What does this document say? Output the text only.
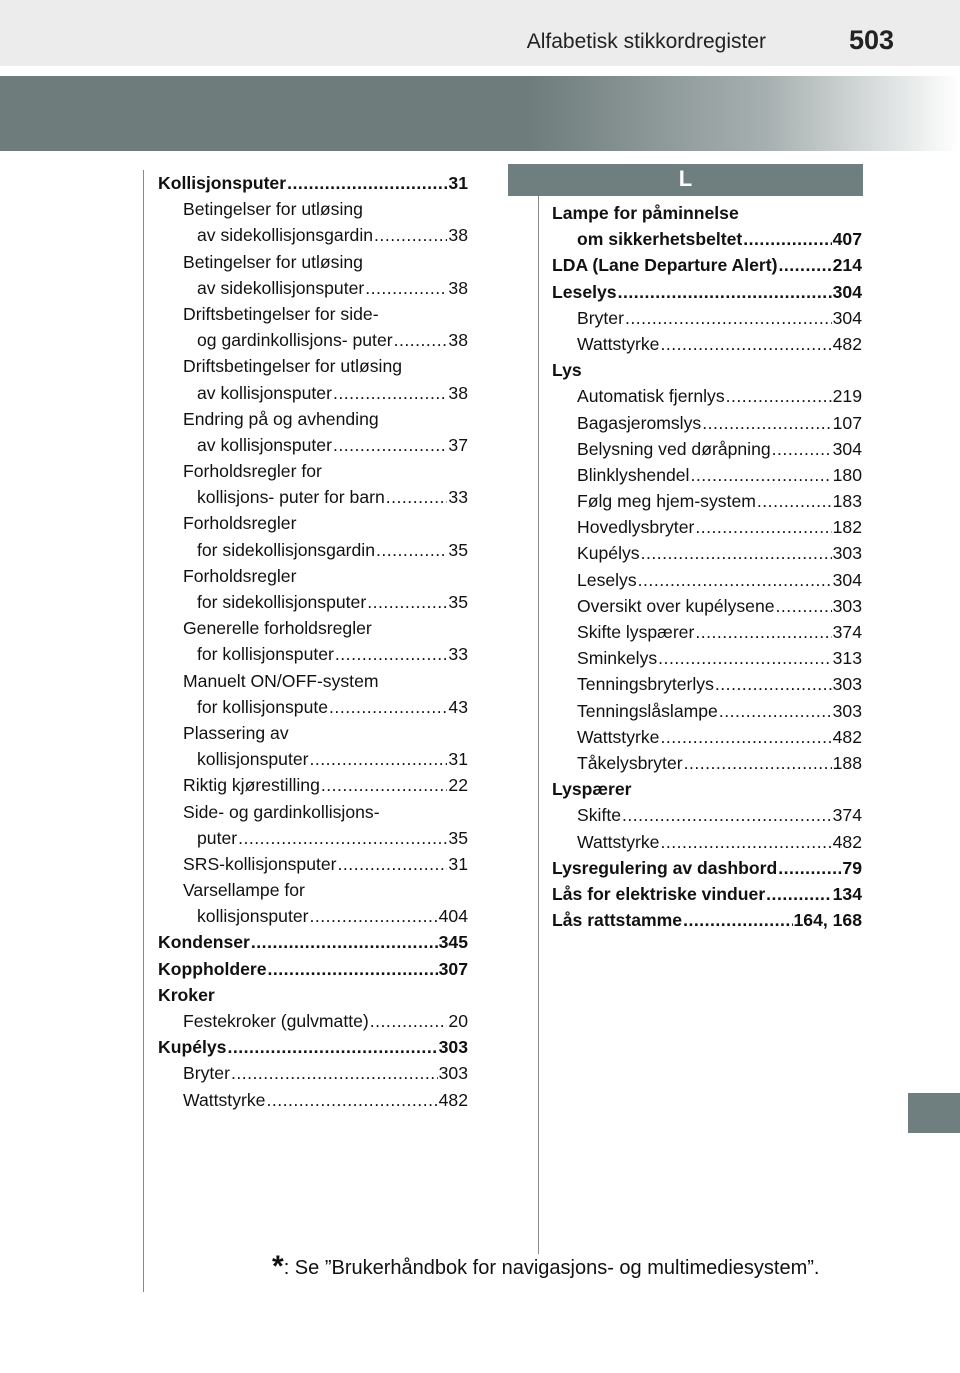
Alfabetisk stikkordregister	503
Kollisjonsputer .....	31
Betingelser for utløsing
av sidekollisjonsgardin .....	38
Betingelser for utløsing
av sidekollisjonsputer .....	38
Driftsbetingelser for side-
og gardinkollisjons- puter .....	38
Driftsbetingelser for utløsing
av kollisjonsputer .....	38
Endring på og avhending
av kollisjonsputer .....	37
Forholdsregler for
kollisjons- puter for barn .....	33
Forholdsregler
for sidekollisjonsgardin .....	35
Forholdsregler
for sidekollisjonsputer .....	35
Generelle forholdsregler
for kollisjonsputer .....	33
Manuelt ON/OFF-system
for kollisjonspute .....	43
Plassering av
kollisjonsputer .....	31
Riktig kjørestilling .....	22
Side- og gardinkollisjons-
puter .....	35
SRS-kollisjonsputer .....	31
Varsellampe for
kollisjonsputer .....	404
Kondenser .....	345
Koppholdere .....	307
Kroker
Festekroker (gulvmatte) .....	20
Kupélys .....	303
Bryter .....	303
Wattstyrke .....	482
L
Lampe for påminnelse
om sikkerhetsbeltet .....	407
LDA (Lane Departure Alert) .....	214
Leselys .....	304
Bryter .....	304
Wattstyrke .....	482
Lys
Automatisk fjernlys .....	219
Bagasjeromslys .....	107
Belysning ved døråpning .....	304
Blinklyshendel .....	180
Følg meg hjem-system .....	183
Hovedlysbryter .....	182
Kupélys .....	303
Leselys .....	304
Oversikt over kupélysene .....	303
Skifte lyspærer .....	374
Sminkelys .....	313
Tenningsbryterlys .....	303
Tenningslåslampe .....	303
Wattstyrke .....	482
Tåkelysbryter .....	188
Lyspærer
Skifte .....	374
Wattstyrke .....	482
Lysregulering av dashbord .....	79
Lås for elektriske vinduer .....	134
Lås rattstamme .....	164, 168
*: Se ”Brukerhåndbok for navigasjons- og multimediesystem”.
